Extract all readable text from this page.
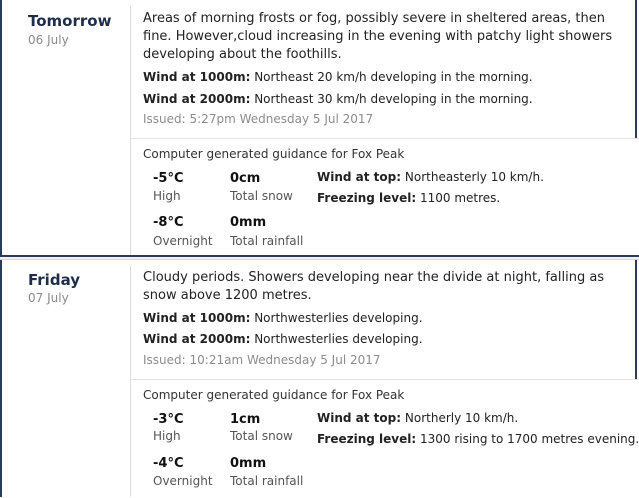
Tomorrow
06 July
Areas of morning frosts or fog, possibly severe in sheltered areas, then fine. However,cloud increasing in the evening with patchy light showers developing about the foothills.
Wind at 1000m: Northeast 20 km/h developing in the morning.
Wind at 2000m: Northeast 30 km/h developing in the morning.
Issued: 5:27pm Wednesday 5 Jul 2017
Computer generated guidance for Fox Peak
-5°C
High
0cm
Total snow
-8°C
Overnight
0mm
Total rainfall
Wind at top: Northeasterly 10 km/h.
Freezing level: 1100 metres.
Friday
07 July
Cloudy periods. Showers developing near the divide at night, falling as snow above 1200 metres.
Wind at 1000m: Northwesterlies developing.
Wind at 2000m: Northwesterlies developing.
Issued: 10:21am Wednesday 5 Jul 2017
Computer generated guidance for Fox Peak
-3°C
High
1cm
Total snow
-4°C
Overnight
0mm
Total rainfall
Wind at top: Northerly 10 km/h.
Freezing level: 1300 rising to 1700 metres evening.
